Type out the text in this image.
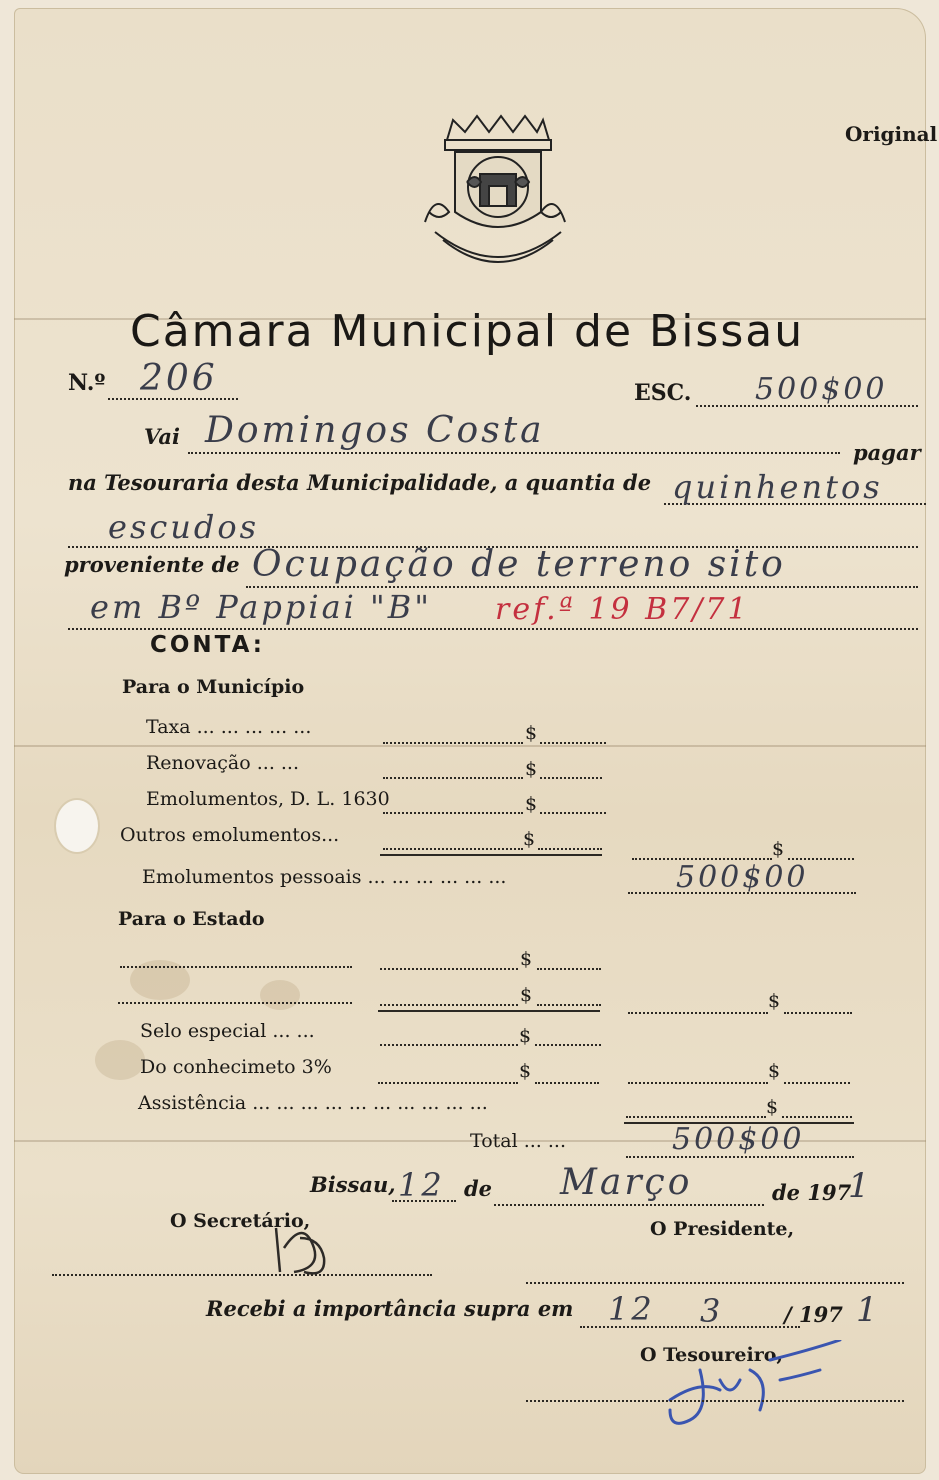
Original
Câmara Municipal de Bissau
N.º 206	ESC. 500$00
Vai Domingos Costa
pagar
na Tesouraria desta Municipalidade, a quantia de quinhentos
escudos
proveniente de Ocupação de terreno sito
em Bº Pappiai "B" ref.ª 19 B7/71
CONTA:
Para o Município
Taxa ... ... ... ... ...	$
Renovação ... ...	$
Emolumentos, D. L. 1630	$
Outros emolumentos...	$	$
Emolumentos pessoais ... ... ... ... ... ...	500$00
Para o Estado
$
$	$
Selo especial ... ...	$
Do conhecimeto 3%	$	$
Assistência ... ... ... ... ... ... ... ... ... ...	$
Total ... ...	500$00
Bissau, 12 de Março	de 197
1
O Secretário,	O Presidente,
Recebi a importância supra em 12 3	/ 197 1
O Tesoureiro,
